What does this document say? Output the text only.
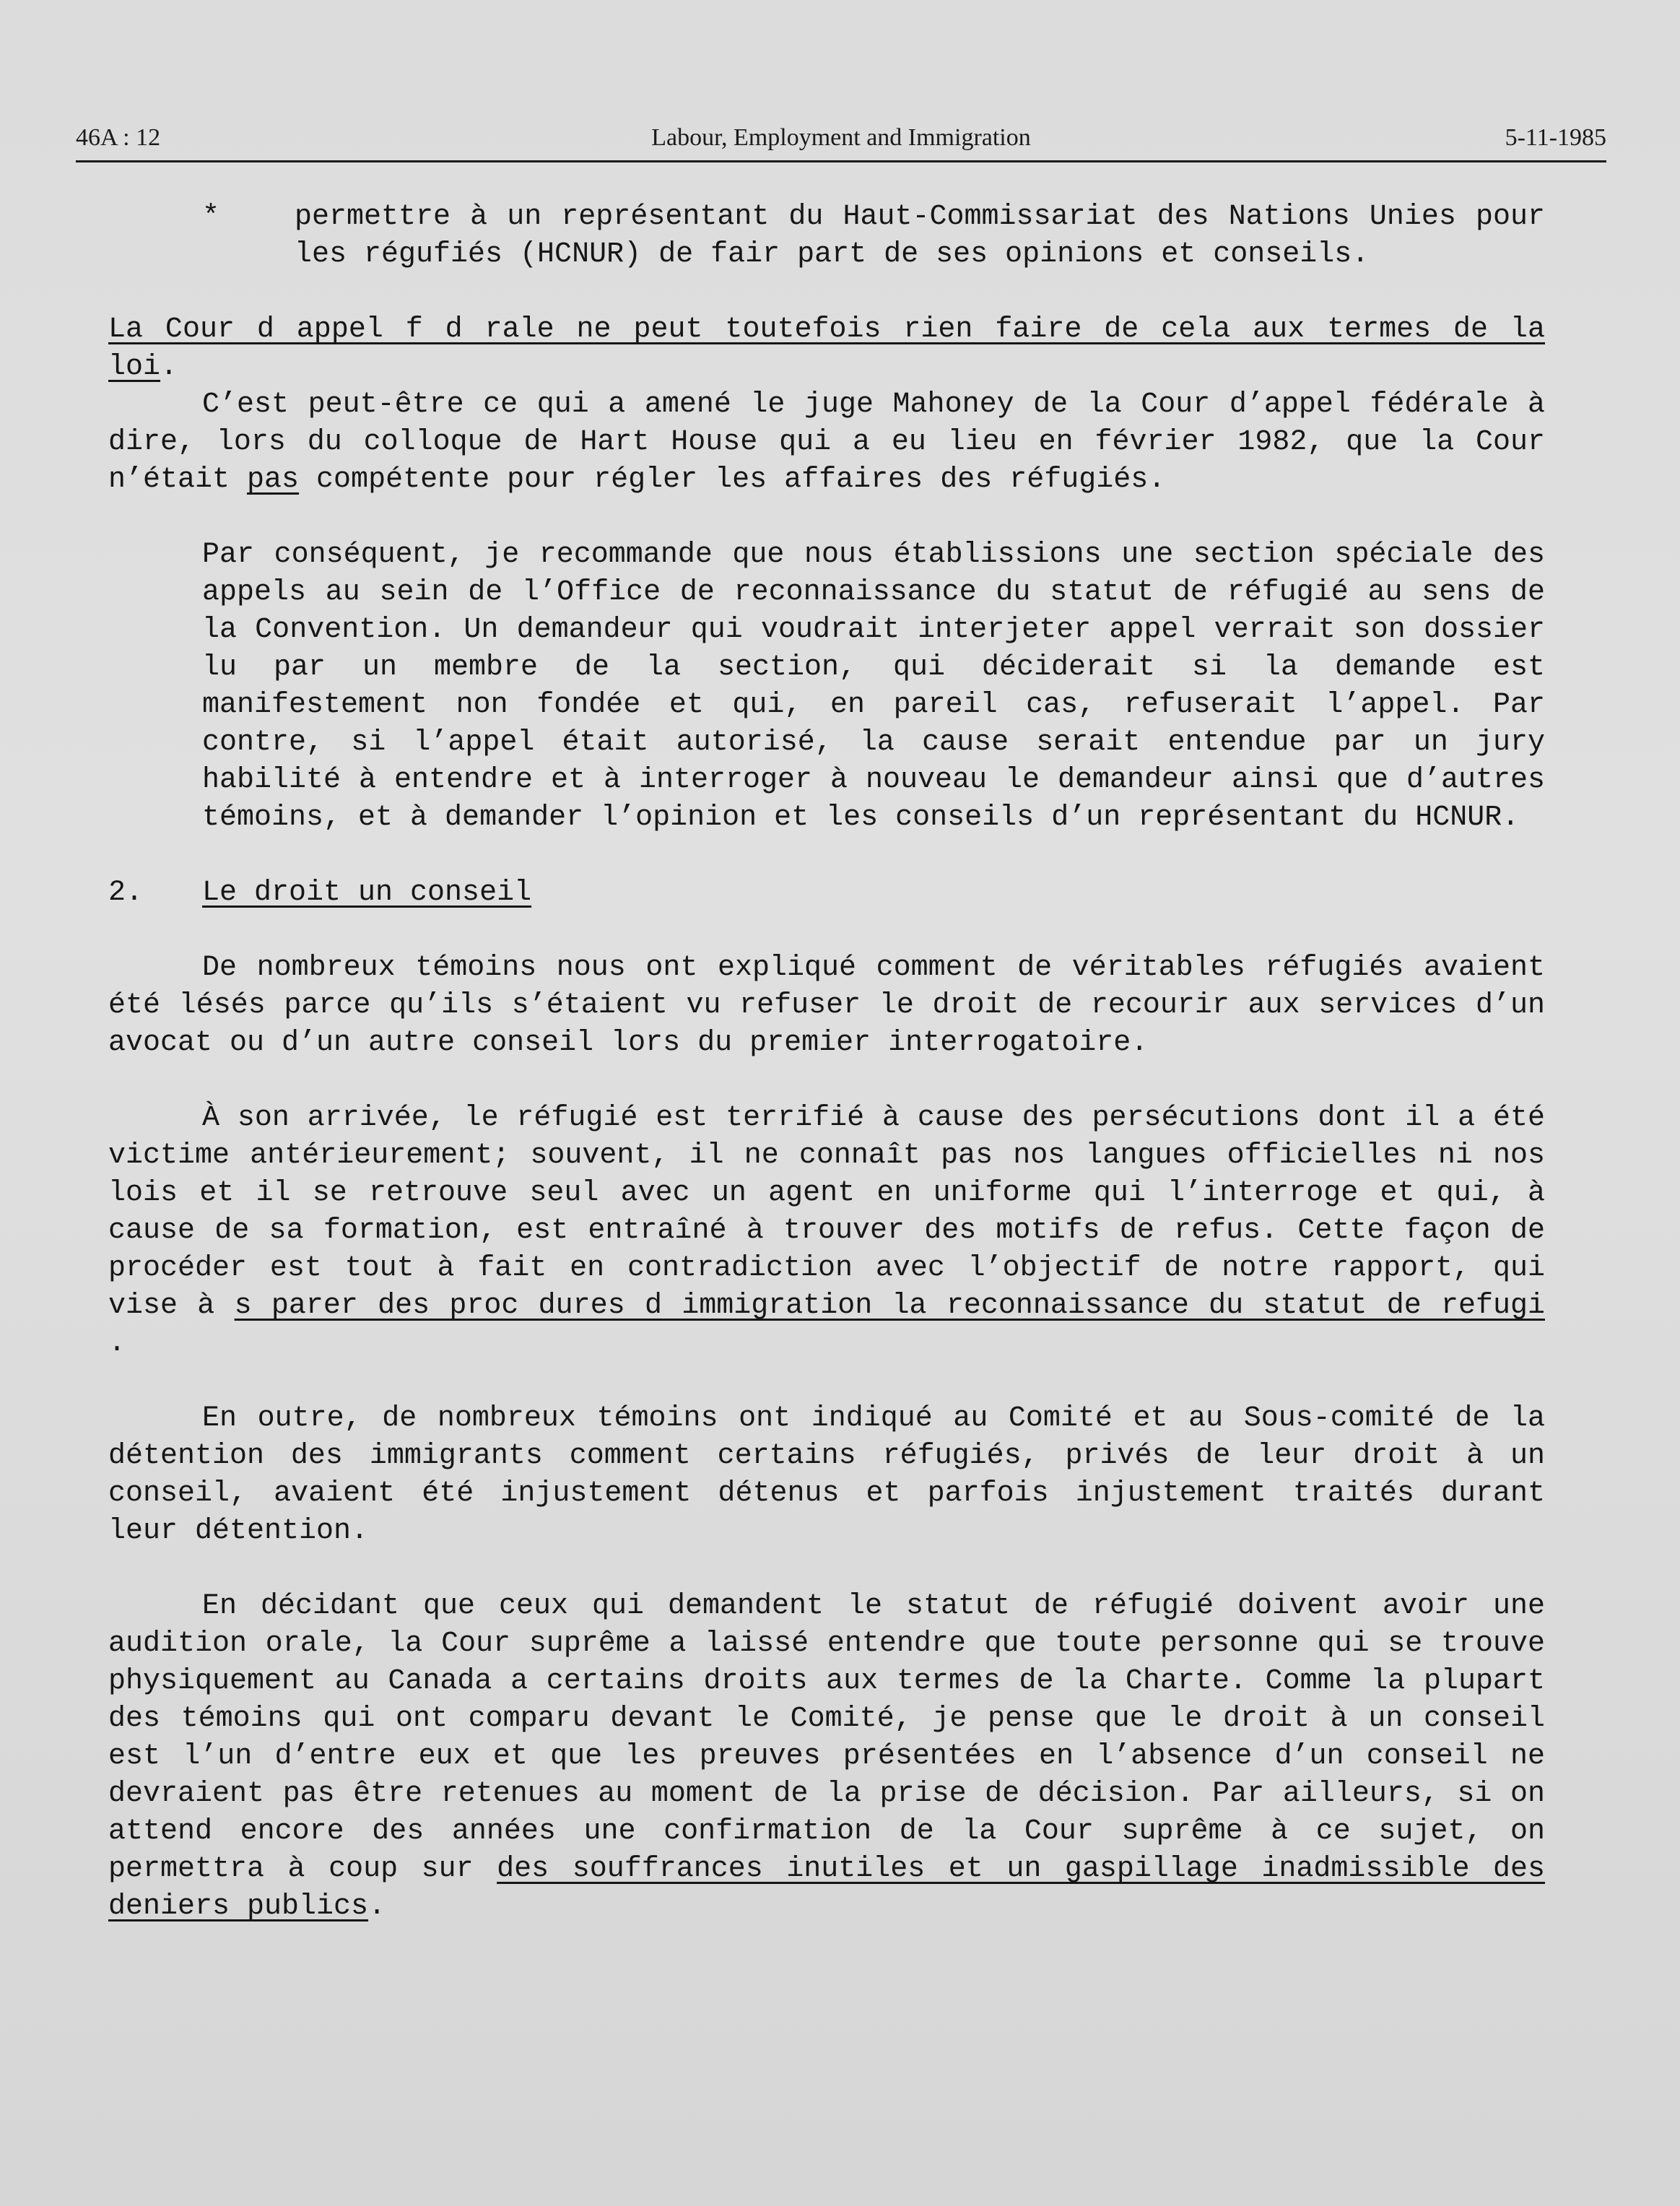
46A : 12	Labour, Employment and Immigration	5-11-1985

*	permettre à un représentant du Haut-Commissariat des Nations Unies pour les régufiés (HCNUR) de fair part de ses opinions et conseils.

La Cour d appel f d rale ne peut toutefois rien faire de cela aux termes de la loi.

C’est peut-être ce qui a amené le juge Mahoney de la Cour d’appel fédérale à dire, lors du colloque de Hart House qui a eu lieu en février 1982, que la Cour n’était pas compétente pour régler les affaires des réfugiés.

Par conséquent, je recommande que nous établissions une section spéciale des appels au sein de l’Office de reconnaissance du statut de réfugié au sens de la Convention. Un demandeur qui voudrait interjeter appel verrait son dossier lu par un membre de la section, qui déciderait si la demande est manifestement non fondée et qui, en pareil cas, refuserait l’appel. Par contre, si l’appel était autorisé, la cause serait entendue par un jury habilité à entendre et à interroger à nouveau le demandeur ainsi que d’autres témoins, et à demander l’opinion et les conseils d’un représentant du HCNUR.

2. Le droit un conseil

De nombreux témoins nous ont expliqué comment de véritables réfugiés avaient été lésés parce qu’ils s’étaient vu refuser le droit de recourir aux services d’un avocat ou d’un autre conseil lors du premier interrogatoire.

À son arrivée, le réfugié est terrifié à cause des persécutions dont il a été victime antérieurement; souvent, il ne connaît pas nos langues officielles ni nos lois et il se retrouve seul avec un agent en uniforme qui l’interroge et qui, à cause de sa formation, est entraîné à trouver des motifs de refus. Cette façon de procéder est tout à fait en contradiction avec l’objectif de notre rapport, qui vise à s parer des proc dures d immigration la reconnaissance du statut de refugi .

En outre, de nombreux témoins ont indiqué au Comité et au Sous-comité de la détention des immigrants comment certains réfugiés, privés de leur droit à un conseil, avaient été injustement détenus et parfois injustement traités durant leur détention.

En décidant que ceux qui demandent le statut de réfugié doivent avoir une audition orale, la Cour suprême a laissé entendre que toute personne qui se trouve physiquement au Canada a certains droits aux termes de la Charte. Comme la plupart des témoins qui ont comparu devant le Comité, je pense que le droit à un conseil est l’un d’entre eux et que les preuves présentées en l’absence d’un conseil ne devraient pas être retenues au moment de la prise de décision. Par ailleurs, si on attend encore des années une confirmation de la Cour suprême à ce sujet, on permettra à coup sur des souffrances inutiles et un gaspillage inadmissible des deniers publics.
